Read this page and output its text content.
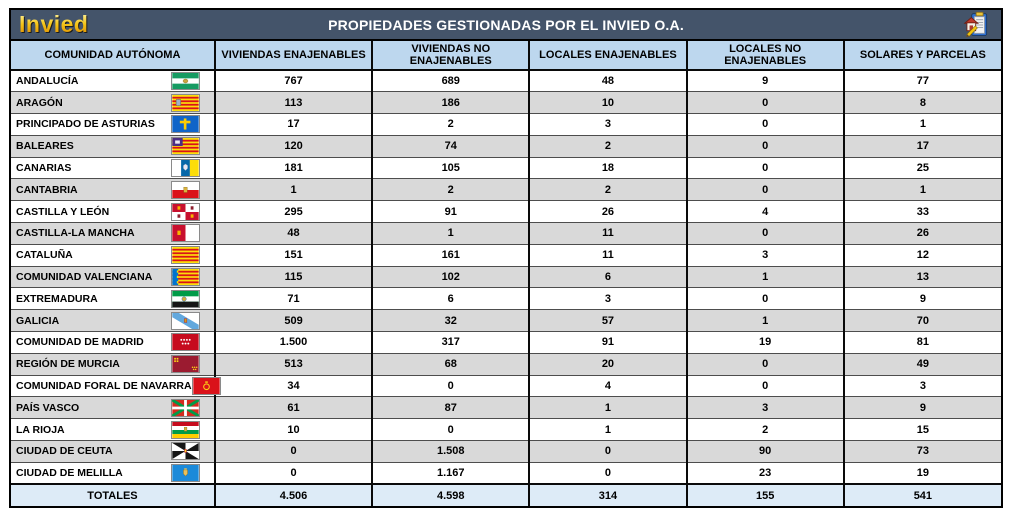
Invied	PROPIEDADES GESTIONADAS POR EL INVIED O.A.
COMUNIDAD AUTÓNOMA	VIVIENDAS ENAJENABLES	VIVIENDAS NO ENAJENABLES	LOCALES ENAJENABLES	LOCALES NO ENAJENABLES	SOLARES Y PARCELAS

ANDALUCÍA	767	689	48	9	77

ARAGÓN	113	186	10	0	8

PRINCIPADO DE ASTURIAS	17	2	3	0	1

BALEARES	120	74	2	0	17

CANARIAS	181	105	18	0	25

CANTABRIA	1	2	2	0	1

CASTILLA Y LEÓN	295	91	26	4	33

CASTILLA-LA MANCHA	48	1	11	0	26

CATALUÑA	151	161	11	3	12

COMUNIDAD VALENCIANA	115	102	6	1	13

EXTREMADURA	71	6	3	0	9

GALICIA	509	32	57	1	70

COMUNIDAD DE MADRID	1.500	317	91	19	81

REGIÓN DE MURCIA	513	68	20	0	49

COMUNIDAD FORAL DE NAVARRA	34	0	4	0	3

PAÍS VASCO	61	87	1	3	9

LA RIOJA	10	0	1	2	15

CIUDAD DE CEUTA	0	1.508	0	90	73

CIUDAD DE MELILLA	0	1.167	0	23	19
TOTALES	4.506	4.598	314	155	541
